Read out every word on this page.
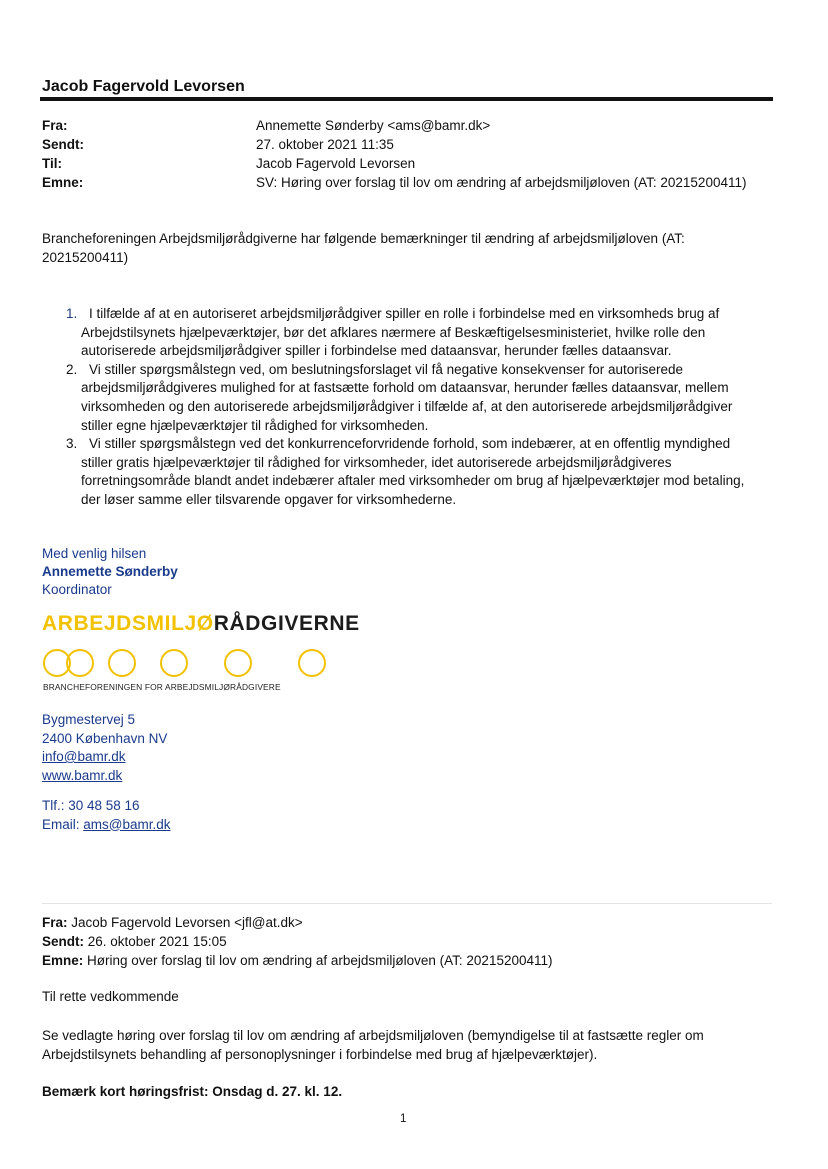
Jacob Fagervold Levorsen
Fra:	Annemette Sønderby <ams@bamr.dk>
Sendt:	27. oktober 2021 11:35
Til:	Jacob Fagervold Levorsen
Emne:	SV: Høring over forslag til lov om ændring af arbejdsmiljøloven (AT: 20215200411)
Brancheforeningen Arbejdsmiljørådgiverne har følgende bemærkninger til ændring af arbejdsmiljøloven (AT: 20215200411)
1. I tilfælde af at en autoriseret arbejdsmiljørådgiver spiller en rolle i forbindelse med en virksomheds brug af Arbejdstilsynets hjælpeværktøjer, bør det afklares nærmere af Beskæftigelsesministeriet, hvilke rolle den autoriserede arbejdsmiljørådgiver spiller i forbindelse med dataansvar, herunder fælles dataansvar.
2. Vi stiller spørgsmålstegn ved, om beslutningsforslaget vil få negative konsekvenser for autoriserede arbejdsmiljørådgiveres mulighed for at fastsætte forhold om dataansvar, herunder fælles dataansvar, mellem virksomheden og den autoriserede arbejdsmiljørådgiver i tilfælde af, at den autoriserede arbejdsmiljørådgiver stiller egne hjælpeværktøjer til rådighed for virksomheden.
3. Vi stiller spørgsmålstegn ved det konkurrenceforvridende forhold, som indebærer, at en offentlig myndighed stiller gratis hjælpeværktøjer til rådighed for virksomheder, idet autoriserede arbejdsmiljørådgiveres forretningsområde blandt andet indebærer aftaler med virksomheder om brug af hjælpeværktøjer mod betaling, der løser samme eller tilsvarende opgaver for virksomhederne.
Med venlig hilsen
Annemette Sønderby
Koordinator
ARBEJDSMILJØRÅDGIVERNE
BRANCHEFORENINGEN FOR ARBEJDSMILJØRÅDGIVERE
Bygmestervej 5
2400 København NV
info@bamr.dk
www.bamr.dk
Tlf.: 30 48 58 16
Email: ams@bamr.dk
Fra: Jacob Fagervold Levorsen <jfl@at.dk>
Sendt: 26. oktober 2021 15:05
Emne: Høring over forslag til lov om ændring af arbejdsmiljøloven (AT: 20215200411)
Til rette vedkommende
Se vedlagte høring over forslag til lov om ændring af arbejdsmiljøloven (bemyndigelse til at fastsætte regler om Arbejdstilsynets behandling af personoplysninger i forbindelse med brug af hjælpeværktøjer).
Bemærk kort høringsfrist: Onsdag d. 27. kl. 12.
1
